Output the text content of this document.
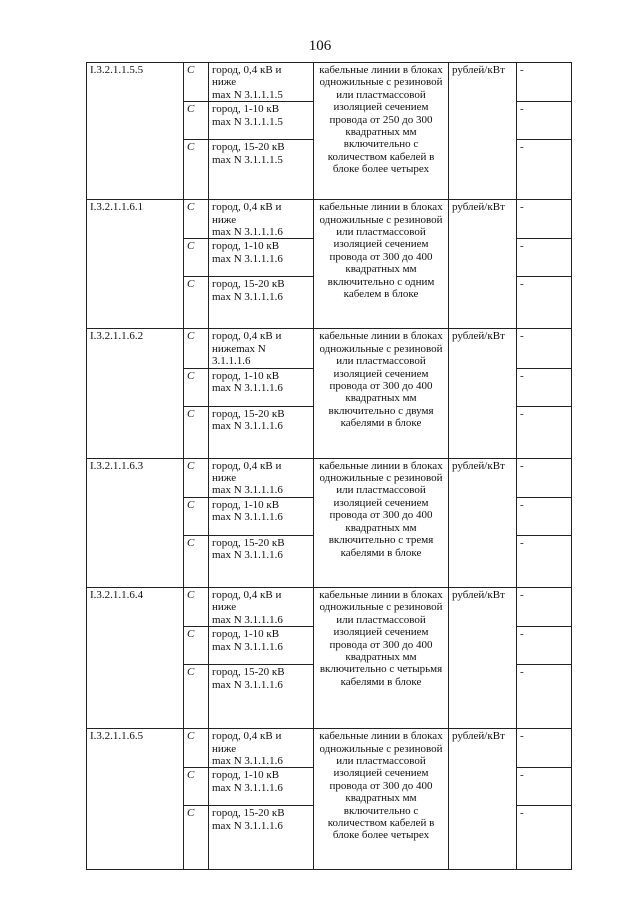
106
I.3.2.1.1.5.5	С	город, 0,4 кВ и
ниже
max N 3.1.1.1.5	кабельные линии в блоках одножильные с резиновой или пластмассовой изоляцией сечением провода от 250 до 300 квадратных мм включительно с количеством кабелей в блоке более четырех	рублей/кВт	-
	С	город, 1-10 кВ
max N 3.1.1.1.5			-
	С	город, 15-20 кВ
max N 3.1.1.1.5			-
I.3.2.1.1.6.1	С	город, 0,4 кВ и
ниже
max N 3.1.1.1.6	кабельные линии в блоках одножильные с резиновой или пластмассовой изоляцией сечением провода от 300 до 400 квадратных мм включительно с одним кабелем в блоке	рублей/кВт	-
	С	город, 1-10 кВ
max N 3.1.1.1.6			-
	С	город, 15-20 кВ
max N 3.1.1.1.6			-
I.3.2.1.1.6.2	С	город, 0,4 кВ и
нижеmax N
3.1.1.1.6	кабельные линии в блоках одножильные с резиновой или пластмассовой изоляцией сечением провода от 300 до 400 квадратных мм включительно с двумя кабелями в блоке	рублей/кВт	-
	С	город, 1-10 кВ
max N 3.1.1.1.6			-
	С	город, 15-20 кВ
max N 3.1.1.1.6			-
I.3.2.1.1.6.3	С	город, 0,4 кВ и
ниже
max N 3.1.1.1.6	кабельные линии в блоках одножильные с резиновой или пластмассовой изоляцией сечением провода от 300 до 400 квадратных мм включительно с тремя кабелями в блоке	рублей/кВт	-
	С	город, 1-10 кВ
max N 3.1.1.1.6			-
	С	город, 15-20 кВ
max N 3.1.1.1.6			-
I.3.2.1.1.6.4	С	город, 0,4 кВ и
ниже
max N 3.1.1.1.6	кабельные линии в блоках одножильные с резиновой или пластмассовой изоляцией сечением провода от 300 до 400 квадратных мм включительно с четырьмя кабелями в блоке	рублей/кВт	-
	С	город, 1-10 кВ
max N 3.1.1.1.6			-
	С	город, 15-20 кВ
max N 3.1.1.1.6			-
I.3.2.1.1.6.5	С	город, 0,4 кВ и
ниже
max N 3.1.1.1.6	кабельные линии в блоках одножильные с резиновой или пластмассовой изоляцией сечением провода от 300 до 400 квадратных мм включительно с количеством кабелей в блоке более четырех	рублей/кВт	-
	С	город, 1-10 кВ
max N 3.1.1.1.6			-
	С	город, 15-20 кВ
max N 3.1.1.1.6			-
